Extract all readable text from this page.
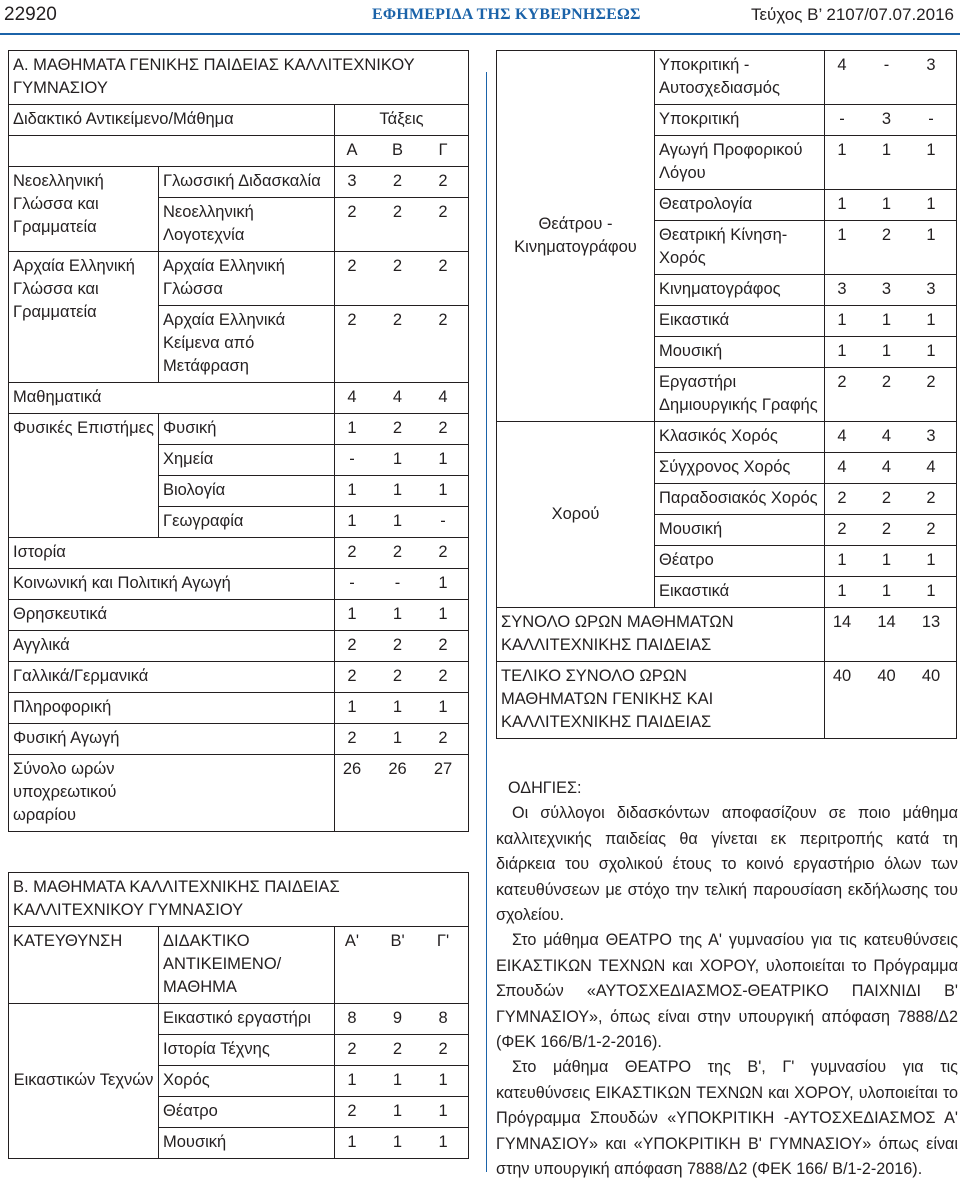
22920	ΕΦΗΜΕΡΙΔΑ ΤΗΣ ΚΥΒΕΡΝΗΣΕΩΣ	Τεύχος Β’ 2107/07.07.2016
Α. ΜΑΘΗΜΑΤΑ ΓΕΝΙΚΗΣ ΠΑΙΔΕΙΑΣ ΚΑΛΛΙΤΕΧΝΙΚΟΥ ΓΥΜΝΑΣΙΟΥ		
Διδακτικό Αντικείμενο/Μάθημα		Τάξεις

		Α Β Γ

Νεοελληνική Γλώσσα και Γραμματεία	Γλωσσική Διδασκαλία	3 2 2

	Νεοελληνική Λογοτεχνία	2 2 2

Αρχαία Ελληνική Γλώσσα και Γραμματεία	Αρχαία Ελληνική Γλώσσα	2 2 2

	Αρχαία Ελληνικά Κείμενα από Μετάφραση	2 2 2

Μαθηματικά		4 4 4

Φυσικές Επιστήμες	Φυσική	1 2 2

	Χημεία	- 1 1

	Βιολογία	1 1 1

	Γεωγραφία	1 1 -

Ιστορία		2 2 2

Κοινωνική και Πολιτική Αγωγή		- - 1

Θρησκευτικά		1 1 1

Αγγλικά		2 2 2

Γαλλικά/Γερμανικά		2 2 2

Πληροφορική		1 1 1

Φυσική Αγωγή		2 1 2

Σύνολο ωρών υποχρεωτικού ωραρίου		26 26 27
Β. ΜΑΘΗΜΑΤΑ ΚΑΛΛΙΤΕΧΝΙΚΗΣ ΠΑΙΔΕΙΑΣ ΚΑΛΛΙΤΕΧΝΙΚΟΥ ΓΥΜΝΑΣΙΟΥ		
ΚΑΤΕΥΘΥΝΣΗ	ΔΙΔΑΚΤΙΚΟ ΑΝΤΙΚΕΙΜΕΝΟ/ ΜΑΘΗΜΑ	Α' Β' Γ'

Εικαστικών Τεχνών	Εικαστικό εργαστήρι	8 9 8

	Ιστορία Τέχνης	2 2 2

	Χορός	1 1 1

	Θέατρο	2 1 1

	Μουσική	1 1 1
Θεάτρου - Κινηματογράφου	Υποκριτική - Αυτοσχεδιασμός	4 - 3

	Υποκριτική	- 3 -

	Αγωγή Προφορικού Λόγου	1 1 1

	Θεατρολογία	1 1 1

	Θεατρική Κίνηση-Χορός	1 2 1

	Κινηματογράφος	3 3 3

	Εικαστικά	1 1 1

	Μουσική	1 1 1

	Εργαστήρι Δημιουργικής Γραφής	2 2 2

Χορού	Κλασικός Χορός	4 4 3

	Σύγχρονος Χορός	4 4 4

	Παραδοσιακός Χορός	2 2 2

	Μουσική	2 2 2

	Θέατρο	1 1 1

	Εικαστικά	1 1 1

ΣΥΝΟΛΟ ΩΡΩΝ ΜΑΘΗΜΑΤΩΝ ΚΑΛΛΙΤΕΧΝΙΚΗΣ ΠΑΙΔΕΙΑΣ		14 14 13

ΤΕΛΙΚΟ ΣΥΝΟΛΟ ΩΡΩΝ ΜΑΘΗΜΑΤΩΝ ΓΕΝΙΚΗΣ ΚΑΙ ΚΑΛΛΙΤΕΧΝΙΚΗΣ ΠΑΙΔΕΙΑΣ		40 40 40

ΟΔΗΓΙΕΣ:

Οι σύλλογοι διδασκόντων αποφασίζουν σε ποιο μάθημα καλλιτεχνικής παιδείας θα γίνεται εκ περιτροπής κατά τη διάρκεια του σχολικού έτους το κοινό εργαστήριο όλων των κατευθύνσεων με στόχο την τελική παρουσίαση εκδήλωσης του σχολείου.

Στο μάθημα ΘΕΑΤΡΟ της Α' γυμνασίου για τις κατευθύνσεις ΕΙΚΑΣΤΙΚΩΝ ΤΕΧΝΩΝ και ΧΟΡΟΥ, υλοποιείται το Πρόγραμμα Σπουδών «ΑΥΤΟΣΧΕΔΙΑΣΜΟΣ-ΘΕΑΤΡΙΚΟ ΠΑΙΧΝΙΔΙ Β' ΓΥΜΝΑΣΙΟΥ», όπως είναι στην υπουργική απόφαση 7888/Δ2 (ΦΕΚ 166/Β/1-2-2016).

Στο μάθημα ΘΕΑΤΡΟ της Β', Γ' γυμνασίου για τις κατευθύνσεις ΕΙΚΑΣΤΙΚΩΝ ΤΕΧΝΩΝ και ΧΟΡΟΥ, υλοποιείται το Πρόγραμμα Σπουδών «ΥΠΟΚΡΙΤΙΚΗ -ΑΥΤΟΣΧΕΔΙΑΣΜΟΣ Α' ΓΥΜΝΑΣΙΟΥ» και «ΥΠΟΚΡΙΤΙΚΗ Β' ΓΥΜΝΑΣΙΟΥ» όπως είναι στην υπουργική απόφαση 7888/Δ2 (ΦΕΚ 166/ Β/1-2-2016).
